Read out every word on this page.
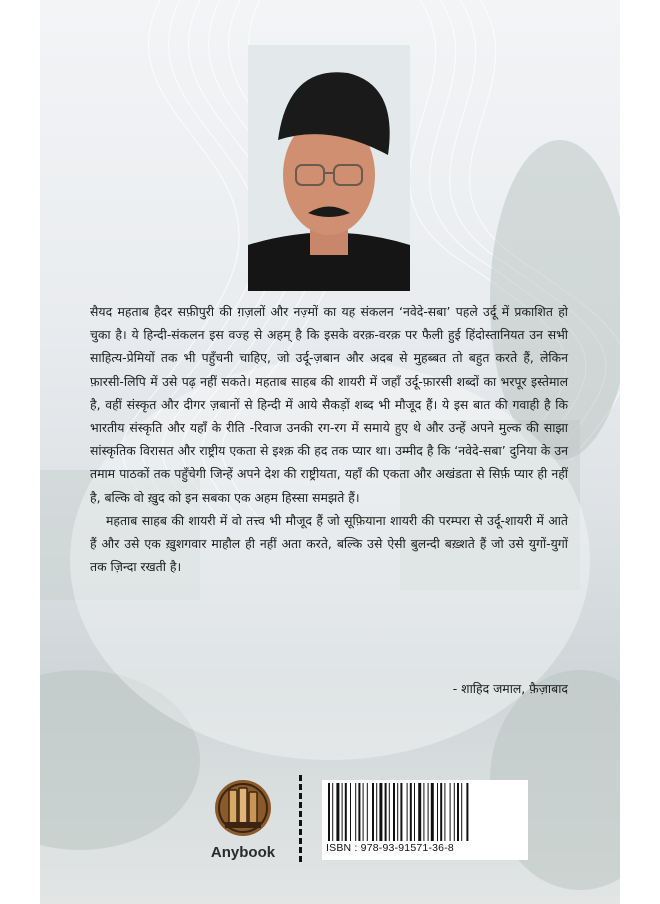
सैयद महताब हैदर सफ़ीपुरी की ग़ज़लों और नज़्मों का यह संकलन ‘नवेदे-सबा’ पहले उर्दू में प्रकाशित हो चुका है। ये हिन्दी-संकलन इस वज्ह से अहम् है कि इसके वरक़-वरक़ पर फैली हुई हिंदोस्तानियत उन सभी साहित्य-प्रेमियों तक भी पहुँचनी चाहिए, जो उर्दू-ज़बान और अदब से मुहब्बत तो बहुत करते हैं, लेकिन फ़ारसी-लिपि में उसे पढ़ नहीं सकते। महताब साहब की शायरी में जहाँ उर्दू-फ़ारसी शब्दों का भरपूर इस्तेमाल है, वहीं संस्कृत और दीगर ज़बानों से हिन्दी में आये सैकड़ों शब्द भी मौजूद हैं। ये इस बात की गवाही है कि भारतीय संस्कृति और यहाँ के रीति -रिवाज उनकी रग-रग में समाये हुए थे और उन्हें अपने मुल्क की साझा सांस्कृतिक विरासत और राष्ट्रीय एकता से इश्क़ की हद तक प्यार था। उम्मीद है कि ‘नवेदे-सबा’ दुनिया के उन तमाम पाठकों तक पहुँचेगी जिन्हें अपने देश की राष्ट्रीयता, यहाँ की एकता और अखंडता से सिर्फ़ प्यार ही नहीं है, बल्कि वो ख़ुद को इन सबका एक अहम हिस्सा समझते हैं।

महताब साहब की शायरी में वो तत्त्व भी मौजूद हैं जो सूफ़ियाना शायरी की परम्परा से उर्दू-शायरी में आते हैं और उसे एक ख़ुशगवार माहौल ही नहीं अता करते, बल्कि उसे ऐसी बुलन्दी बख़्शते हैं जो उसे युगों-युगों तक ज़िन्दा रखती है।

- शाहिद जमाल, फ़ैज़ाबाद
Anybook	ISBN : 978-93-91571-36-8
